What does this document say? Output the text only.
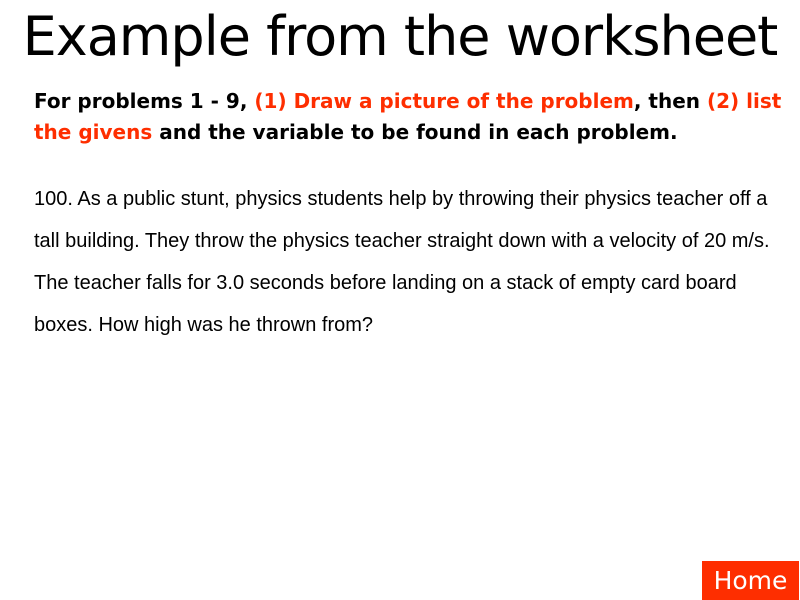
Example from the worksheet
For problems 1 - 9, (1) Draw a picture of the problem, then (2) list the givens and the variable to be found in each problem.
100. As a public stunt, physics students help by throwing their physics teacher off a tall building. They throw the physics teacher straight down with a velocity of 20 m/s. The teacher falls for 3.0 seconds before landing on a stack of empty card board boxes. How high was he thrown from?
Home
